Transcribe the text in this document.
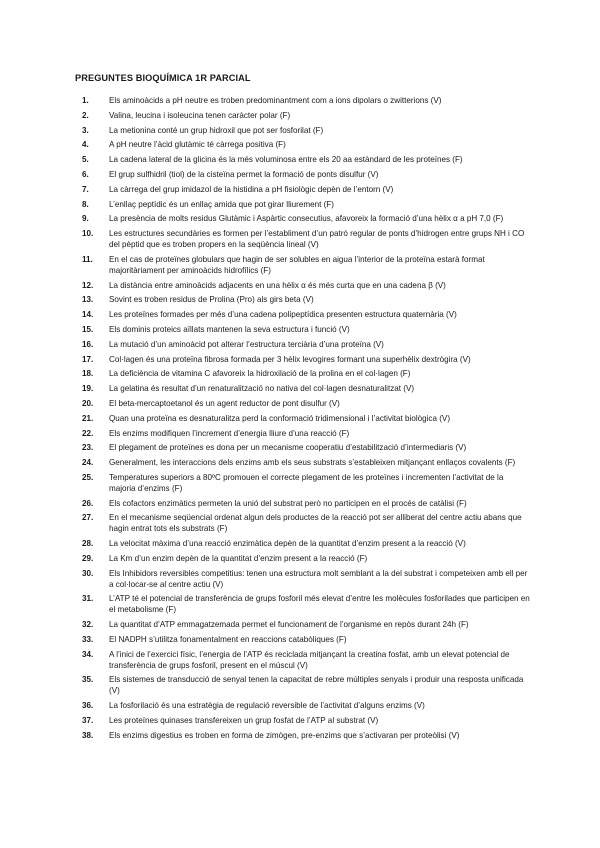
PREGUNTES BIOQUÍMICA 1R PARCIAL
1.	Els aminoàcids a pH neutre es troben predominantment com a ions dipolars o zwitterions (V)
2.	Valina, leucina i isoleucina tenen caràcter polar (F)
3.	La metionina conté un grup hidroxil que pot ser fosforilat (F)
4.	A pH neutre l’àcid glutàmic té càrrega positiva (F)
5.	La cadena lateral de la glicina és la més voluminosa entre els 20 aa estàndard de les proteïnes (F)
6.	El grup sulfhidril (tiol) de la cisteïna permet la formació de ponts disulfur (V)
7.	La càrrega del grup imidazol de la histidina a pH fisiològic depèn de l’entorn (V)
8.	L’enllaç peptídic és un enllaç amida que pot girar lliurement (F)
9.	La presència de molts residus Glutàmic i Aspàrtic consecutius, afavoreix la formació d’una hèlix α a pH 7,0 (F)
10.	Les estructures secundàries es formen per l’establiment d’un patró regular de ponts d’hidrogen entre grups NH i CO del pèptid que es troben propers en la seqüència lineal (V)
11.	En el cas de proteïnes globulars que hagin de ser solubles en aigua l’interior de la proteïna estarà format majoritàriament per aminoàcids hidrofílics (F)
12.	La distància entre aminoàcids adjacents en una hèlix α és més curta que en una cadena β (V)
13.	Sovint es troben residus de Prolina (Pro) als girs beta (V)
14.	Les proteïnes formades per més d’una cadena polipeptídica presenten estructura quaternària (V)
15.	Els dominis proteics aïllats mantenen la seva estructura i funció (V)
16.	La mutació d’un aminoàcid pot alterar l’estructura terciària d’una proteïna (V)
17.	Col·lagen és una proteïna fibrosa formada per 3 hèlix levogires formant una superhèlix dextrògira (V)
18.	La deficiència de vitamina C afavoreix la hidroxilació de la prolina en el col·lagen (F)
19.	La gelatina és resultat d’un renaturalització no nativa del col·lagen desnaturalitzat (V)
20.	El beta-mercaptoetanol és un agent reductor de pont disulfur (V)
21.	Quan una proteïna es desnaturalitza perd la conformació tridimensional i l’activitat biològica (V)
22.	Els enzims modifiquen l’increment d’energia lliure d’una reacció (F)
23.	El plegament de proteïnes es dona per un mecanisme cooperatiu d’estabilització d’intermediaris (V)
24.	Generalment, les interaccions dels enzims amb els seus substrats s’estableixen mitjançant enllaços covalents (F)
25.	Temperatures superiors a 80ºC promouen el correcte plegament de les proteïnes i incrementen l’activitat de la majoria d’enzims (F)
26.	Els cofactors enzimàtics permeten la unió del substrat però no participen en el procés de catàlisi (F)
27.	En el mecanisme seqüencial ordenat algun dels productes de la reacció pot ser alliberat del centre actiu abans que hagin entrat tots els substrats (F)
28.	La velocitat màxima d’una reacció enzimàtica depèn de la quantitat d’enzim present a la reacció (V)
29.	La Km d’un enzim depèn de la quantitat d’enzim present a la reacció (F)
30.	Els Inhibidors reversibles competitius: tenen una estructura molt semblant a la del substrat i competeixen amb ell per a col·locar-se al centre actiu (V)
31.	L’ATP té el potencial de transferència de grups fosforil més elevat d’entre les molècules fosforilades que participen en el metabolisme (F)
32.	La quantitat d’ATP emmagatzemada permet el funcionament de l’organisme en repòs durant 24h (F)
33.	El NADPH s’utilitza fonamentalment en reaccions catabòliques (F)
34.	A l’inici de l’exercici físic, l’energia de l’ATP és reciclada mitjançant la creatina fosfat, amb un elevat potencial de transferència de grups fosforil, present en el múscul (V)
35.	Els sistemes de transducció de senyal tenen la capacitat de rebre múltiples senyals i produir una resposta unificada (V)
36.	La fosforilació és una estratègia de regulació reversible de l’activitat d’alguns enzims (V)
37.	Les proteïnes quinases transfereixen un grup fosfat de l’ATP al substrat (V)
38.	Els enzims digestius es troben en forma de zimògen, pre-enzims que s’activaran per proteòlisi (V)
